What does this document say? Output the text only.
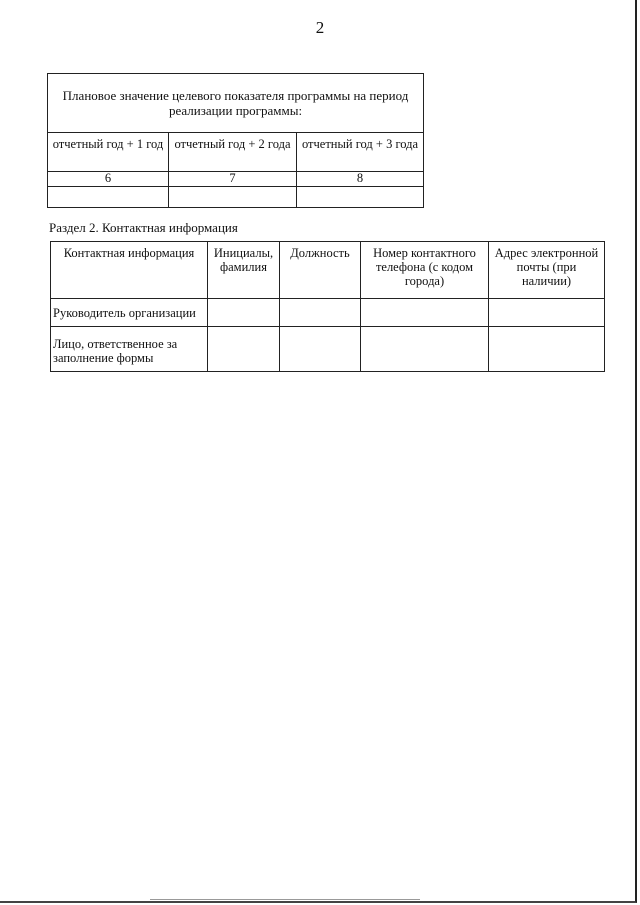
2
Плановое значение целевого показателя программы на период реализации программы:		
отчетный год + 1 год	отчетный год + 2 года	отчетный год + 3 года
6	7	8

Раздел 2. Контактная информация
Контактная информация	Инициалы, фамилия	Должность	Номер контактного телефона (с кодом города)	Адрес электронной почты (при наличии)
Руководитель организации				
Лицо, ответственное за заполнение формы				
